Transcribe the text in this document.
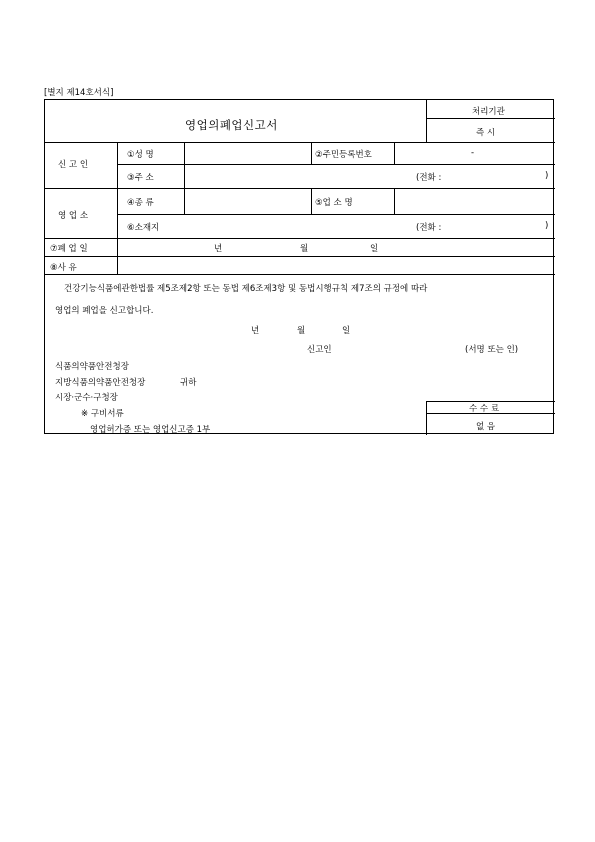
[별지 제14호서식]
영업의폐업신고서
처리기관
즉 시
신 고 인
①성 명	②주민등록번호	-
③주 소	(전화 :	)
영 업 소
④종 류	⑤업 소 명
⑥소재지	(전화 :	)
⑦폐 업 일	년	월	일
⑧사 유
건강기능식품에관한법률 제5조제2항 또는 동법 제6조제3항 및 동법시행규칙 제7조의 규정에 따라
영업의 폐업을 신고합니다.
년	월	일
신고인	(서명 또는 인)
식품의약품안전청장
지방식품의약품안전청장	귀하
시장·군수·구청장
※ 구비서류
영업허가증 또는 영업신고증 1부
수 수 료
없 음
